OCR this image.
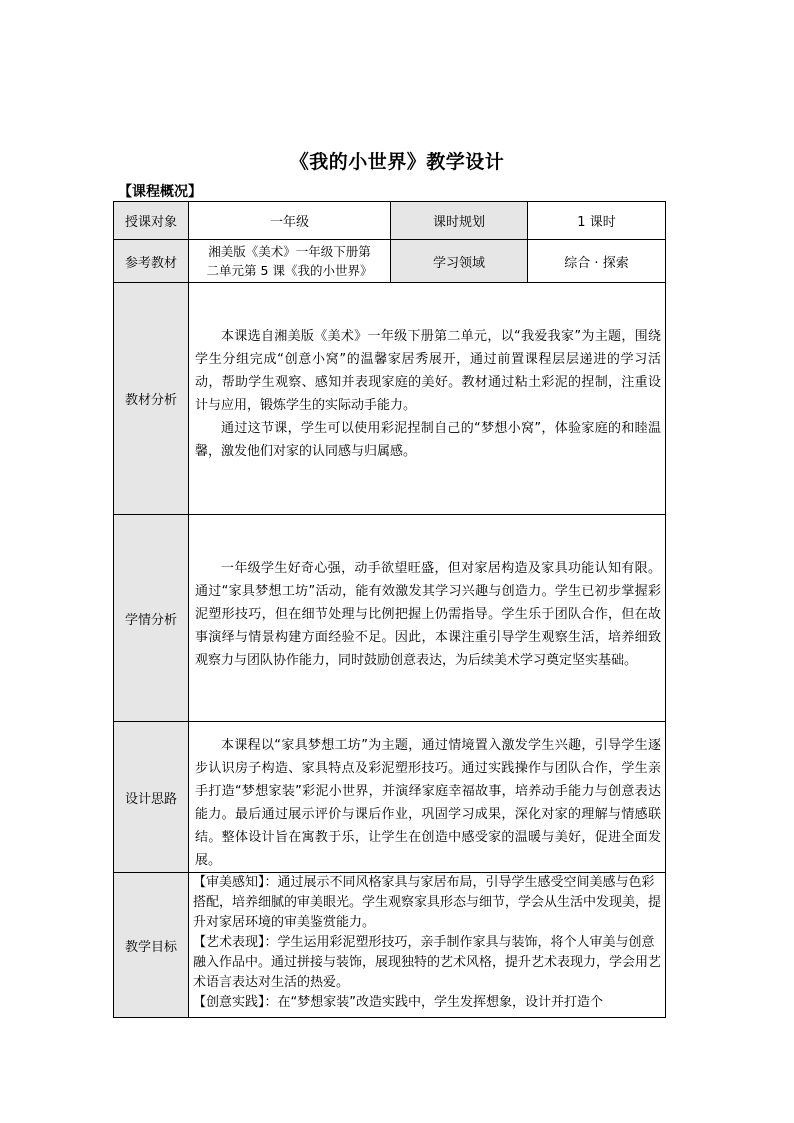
《我的小世界》教学设计
【课程概况】
授课对象	一年级	课时规划	1 课时
参考教材	湘美版《美术》一年级下册第
二单元第 5 课《我的小世界》	学习领域	综合 · 探索
教材分析	本课选自湘美版《美术》一年级下册第二单元，以“我爱我家”为主题，围绕学生分组完成“创意小窝”的温馨家居秀展开，通过前置课程层层递进的学习活动，帮助学生观察、感知并表现家庭的美好。教材通过粘土彩泥的捏制，注重设计与应用，锻炼学生的实际动手能力。

通过这节课，学生可以使用彩泥捏制自己的“梦想小窝”，体验家庭的和睦温馨，激发他们对家的认同感与归属感。		

学情分析	一年级学生好奇心强，动手欲望旺盛，但对家居构造及家具功能认知有限。通过“家具梦想工坊”活动，能有效激发其学习兴趣与创造力。学生已初步掌握彩泥塑形技巧，但在细节处理与比例把握上仍需指导。学生乐于团队合作，但在故事演绎与情景构建方面经验不足。因此，本课注重引导学生观察生活，培养细致观察力与团队协作能力，同时鼓励创意表达，为后续美术学习奠定坚实基础。		

设计思路	本课程以“家具梦想工坊”为主题，通过情境置入激发学生兴趣，引导学生逐步认识房子构造、家具特点及彩泥塑形技巧。通过实践操作与团队合作，学生亲手打造“梦想家装”彩泥小世界，并演绎家庭幸福故事，培养动手能力与创意表达能力。最后通过展示评价与课后作业，巩固学习成果，深化对家的理解与情感联结。整体设计旨在寓教于乐，让学生在创造中感受家的温暖与美好，促进全面发展。		

教学目标	【审美感知】：通过展示不同风格家具与家居布局，引导学生感受空间美感与色彩搭配，培养细腻的审美眼光。学生观察家具形态与细节，学会从生活中发现美，提升对家居环境的审美鉴赏能力。

【艺术表现】：学生运用彩泥塑形技巧，亲手制作家具与装饰，将个人审美与创意融入作品中。通过拼接与装饰，展现独特的艺术风格，提升艺术表现力，学会用艺术语言表达对生活的热爱。

【创意实践】：在“梦想家装”改造实践中，学生发挥想象，设计并打造个		
